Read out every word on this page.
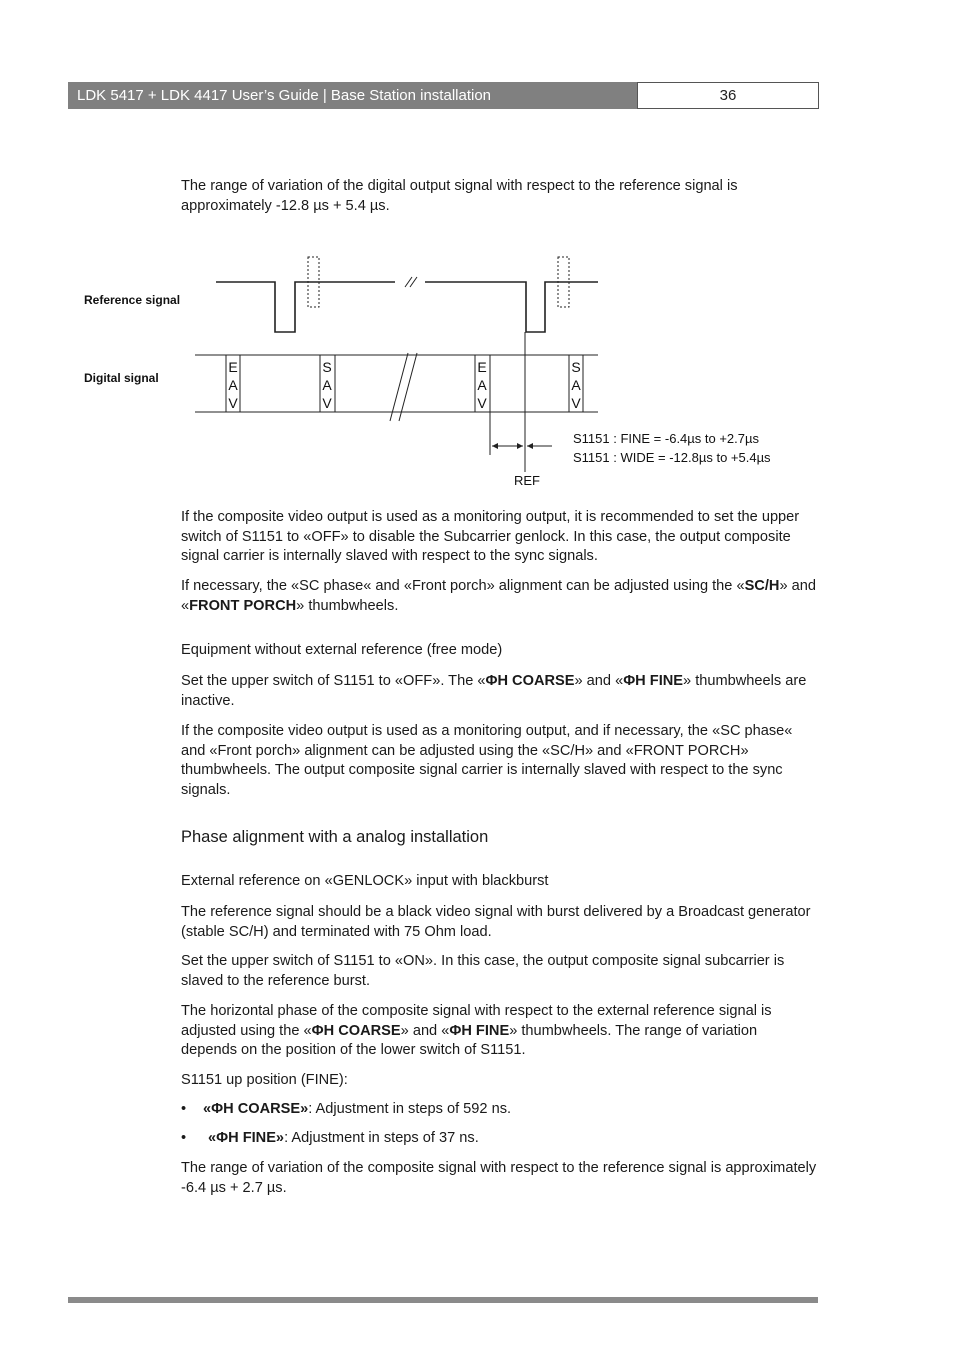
LDK 5417 + LDK 4417 User’s Guide | Base Station installation	36

The range of variation of the digital output signal with respect to the reference signal is approximately -12.8 µs + 5.4 µs.

Reference signal
Digital signal
E
A
V
S
A
V
E
A
V
S
A
V
S1151 : FINE = -6.4µs to +2.7µs
S1151 : WIDE = -12.8µs to +5.4µs
REF

If the composite video output is used as a monitoring output, it is recommended to set the upper switch of S1151 to «OFF» to disable the Subcarrier genlock. In this case, the output composite signal carrier is internally slaved with respect to the sync signals.

If necessary, the «SC phase« and «Front porch» alignment can be adjusted using the «SC/H» and «FRONT PORCH» thumbwheels.

Equipment without external reference (free mode)

Set the upper switch of S1151 to «OFF». The «ΦH COARSE» and «ΦH FINE» thumbwheels are inactive.

If the composite video output is used as a monitoring output, and if necessary, the «SC phase« and «Front porch» alignment can be adjusted using the «SC/H» and «FRONT PORCH» thumbwheels. The output composite signal carrier is internally slaved with respect to the sync signals.

Phase alignment with a analog installation

External reference on «GENLOCK» input with blackburst

The reference signal should be a black video signal with burst delivered by a Broadcast generator (stable SC/H) and terminated with 75 Ohm load.

Set the upper switch of S1151 to «ON». In this case, the output composite signal subcarrier is slaved to the reference burst.

The horizontal phase of the composite signal with respect to the external reference signal is adjusted using the «ΦH COARSE» and «ΦH FINE» thumbwheels. The range of variation depends on the position of the lower switch of S1151.

S1151 up position (FINE):

• «ΦH COARSE»: Adjustment in steps of 592 ns.

• «ΦH FINE»: Adjustment in steps of 37 ns.

The range of variation of the composite signal with respect to the reference signal is approximately -6.4 µs + 2.7 µs.
